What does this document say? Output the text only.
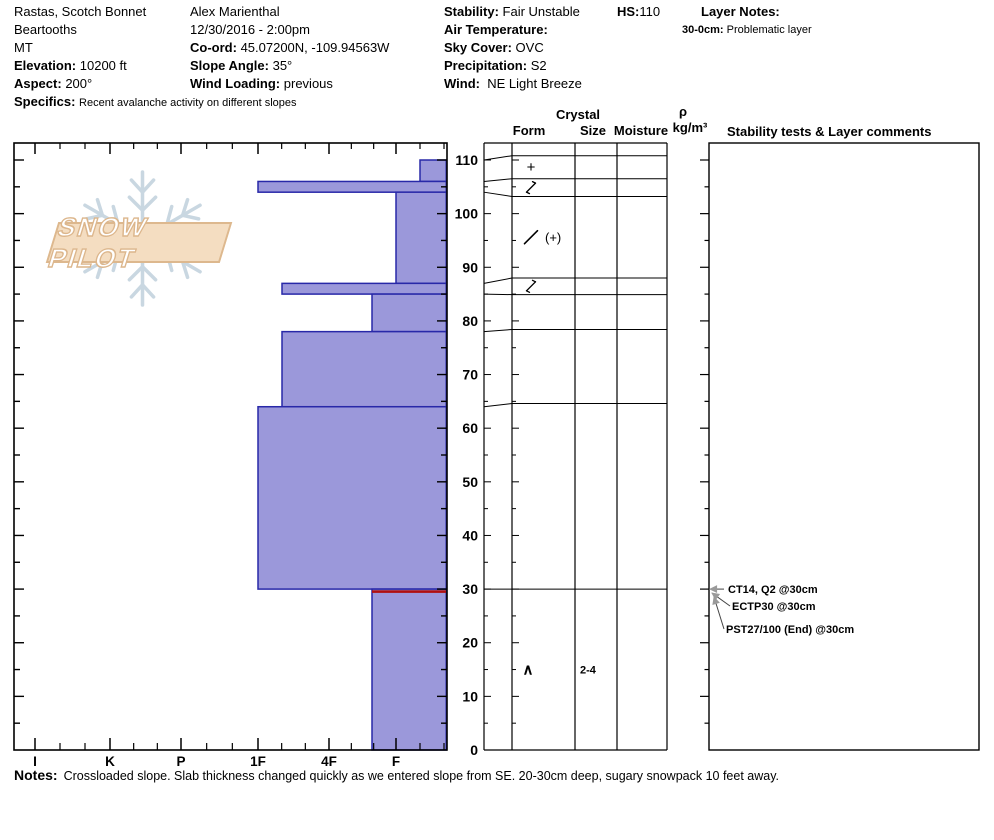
Rastas, Scotch Bonnet
Beartooths
MT
Elevation: 10200 ft
Aspect: 200°
Specifics: Recent avalanche activity on different slopes
Alex Marienthal
12/30/2016 - 2:00pm
Co-ord: 45.07200N, -109.94563W
Slope Angle: 35°
Wind Loading: previous
Stability: Fair Unstable
Air Temperature:
Sky Cover: OVC
Precipitation: S2
Wind: NE Light Breeze
HS:110	Layer Notes:
30-0cm: Problematic layer
SNOW PILOT
Crystal
Form	Size Moisture
ρ
kg/m³	Stability tests & Layer comments
0
10
20
30
40
50
60
70
80
90
100
110
I	K	P	1F	4F	F
+
(+)
∧	2-4
CT14, Q2 @30cm
ECTP30 @30cm
PST27/100 (End) @30cm
Notes: Crossloaded slope. Slab thickness changed quickly as we entered slope from SE. 20-30cm deep, sugary snowpack 10 feet away.
